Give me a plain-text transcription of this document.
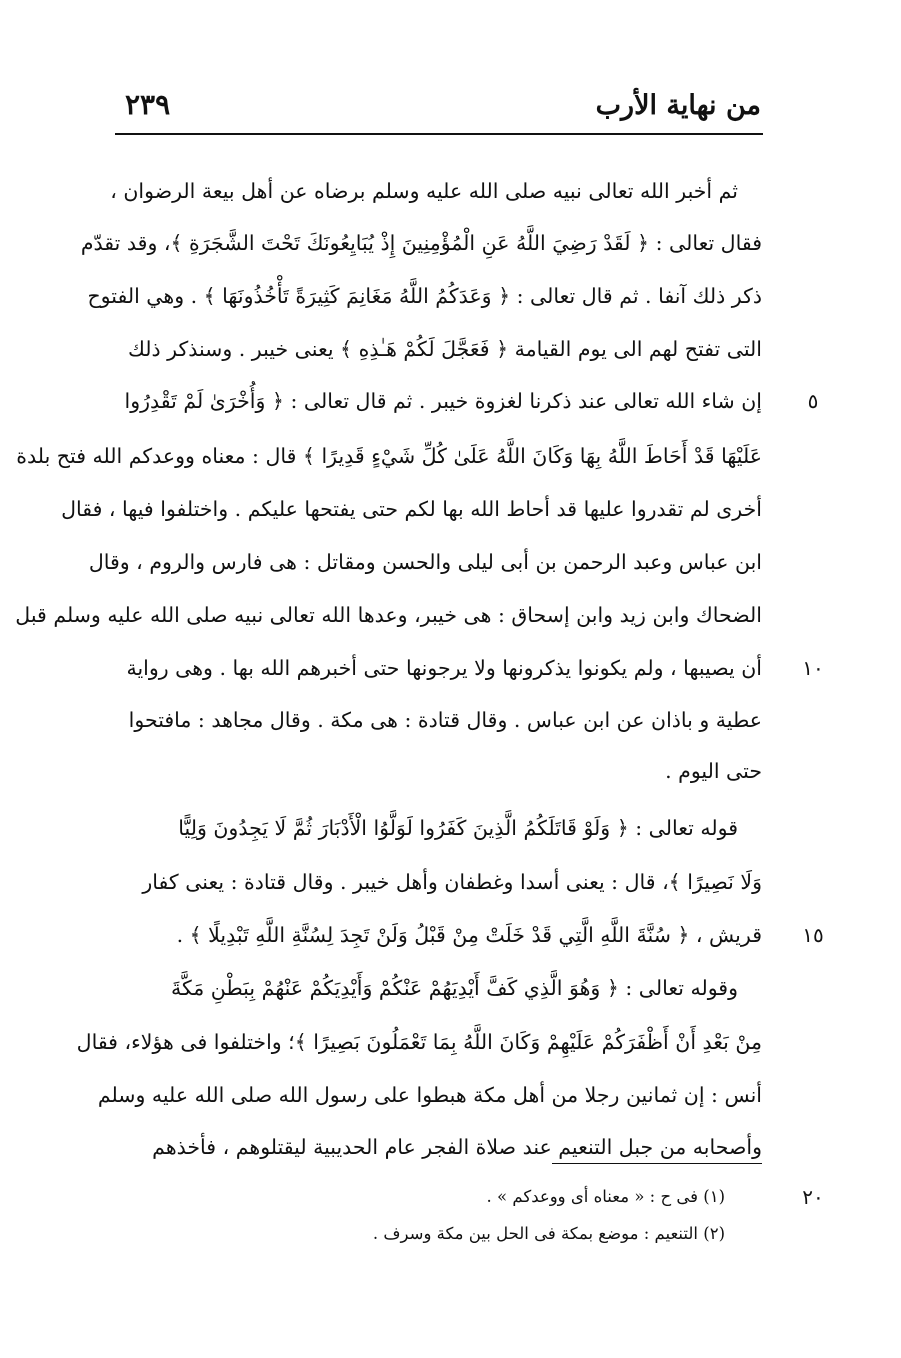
من نهاية الأرب
٢٣٩
ثم أخبر الله تعالى نبيه صلى الله عليه وسلم برضاه عن أهل بيعة الرضوان ،
فقال تعالى : ﴿ لَقَدْ رَضِيَ اللَّهُ عَنِ الْمُؤْمِنِينَ إِذْ يُبَايِعُونَكَ تَحْتَ الشَّجَرَةِ ﴾، وقد تقدّم
ذكر ذلك آنفا . ثم قال تعالى : ﴿ وَعَدَكُمُ اللَّهُ مَغَانِمَ كَثِيرَةً تَأْخُذُونَهَا ﴾ . وهي الفتوح
التى تفتح لهم الى يوم القيامة ﴿ فَعَجَّلَ لَكُمْ هَـٰذِهِ ﴾ يعنى خيبر . وسنذكر ذلك
إن شاء الله تعالى عند ذكرنا لغزوة خيبر . ثم قال تعالى : ﴿ وَأُخْرَىٰ لَمْ تَقْدِرُوا
عَلَيْهَا قَدْ أَحَاطَ اللَّهُ بِهَا وَكَانَ اللَّهُ عَلَىٰ كُلِّ شَيْءٍ قَدِيرًا ﴾ قال : معناه ووعدكم الله فتح بلدة
أخرى لم تقدروا عليها قد أحاط الله بها لكم حتى يفتحها عليكم . واختلفوا فيها ، فقال
ابن عباس وعبد الرحمن بن أبى ليلى والحسن ومقاتل : هى فارس والروم ، وقال
الضحاك وابن زيد وابن إسحاق : هى خيبر، وعدها الله تعالى نبيه صلى الله عليه وسلم قبل
أن يصيبها ، ولم يكونوا يذكرونها ولا يرجونها حتى أخبرهم الله بها . وهى رواية
عطية و باذان عن ابن عباس . وقال قتادة : هى مكة . وقال مجاهد : مافتحوا
حتى اليوم .
قوله تعالى : ﴿ وَلَوْ قَاتَلَكُمُ الَّذِينَ كَفَرُوا لَوَلَّوُا الْأَدْبَارَ ثُمَّ لَا يَجِدُونَ وَلِيًّا
وَلَا نَصِيرًا ﴾، قال : يعنى أسدا وغطفان وأهل خيبر . وقال قتادة : يعنى كفار
قريش ، ﴿ سُنَّةَ اللَّهِ الَّتِي قَدْ خَلَتْ مِنْ قَبْلُ وَلَنْ تَجِدَ لِسُنَّةِ اللَّهِ تَبْدِيلًا ﴾ .
وقوله تعالى : ﴿ وَهُوَ الَّذِي كَفَّ أَيْدِيَهُمْ عَنْكُمْ وَأَيْدِيَكُمْ عَنْهُمْ بِبَطْنِ مَكَّةَ
مِنْ بَعْدِ أَنْ أَظْفَرَكُمْ عَلَيْهِمْ وَكَانَ اللَّهُ بِمَا تَعْمَلُونَ بَصِيرًا ﴾؛ واختلفوا فى هؤلاء، فقال
أنس : إن ثمانين رجلا من أهل مكة هبطوا على رسول الله صلى الله عليه وسلم
وأصحابه من جبل التنعيم عند صلاة الفجر عام الحديبية ليقتلوهم ، فأخذهم
٥
١٠
١٥
٢٠
(١) فى ح : « معناه أى ووعدكم » .
(٢) التنعيم : موضع بمكة فى الحل بين مكة وسرف .
